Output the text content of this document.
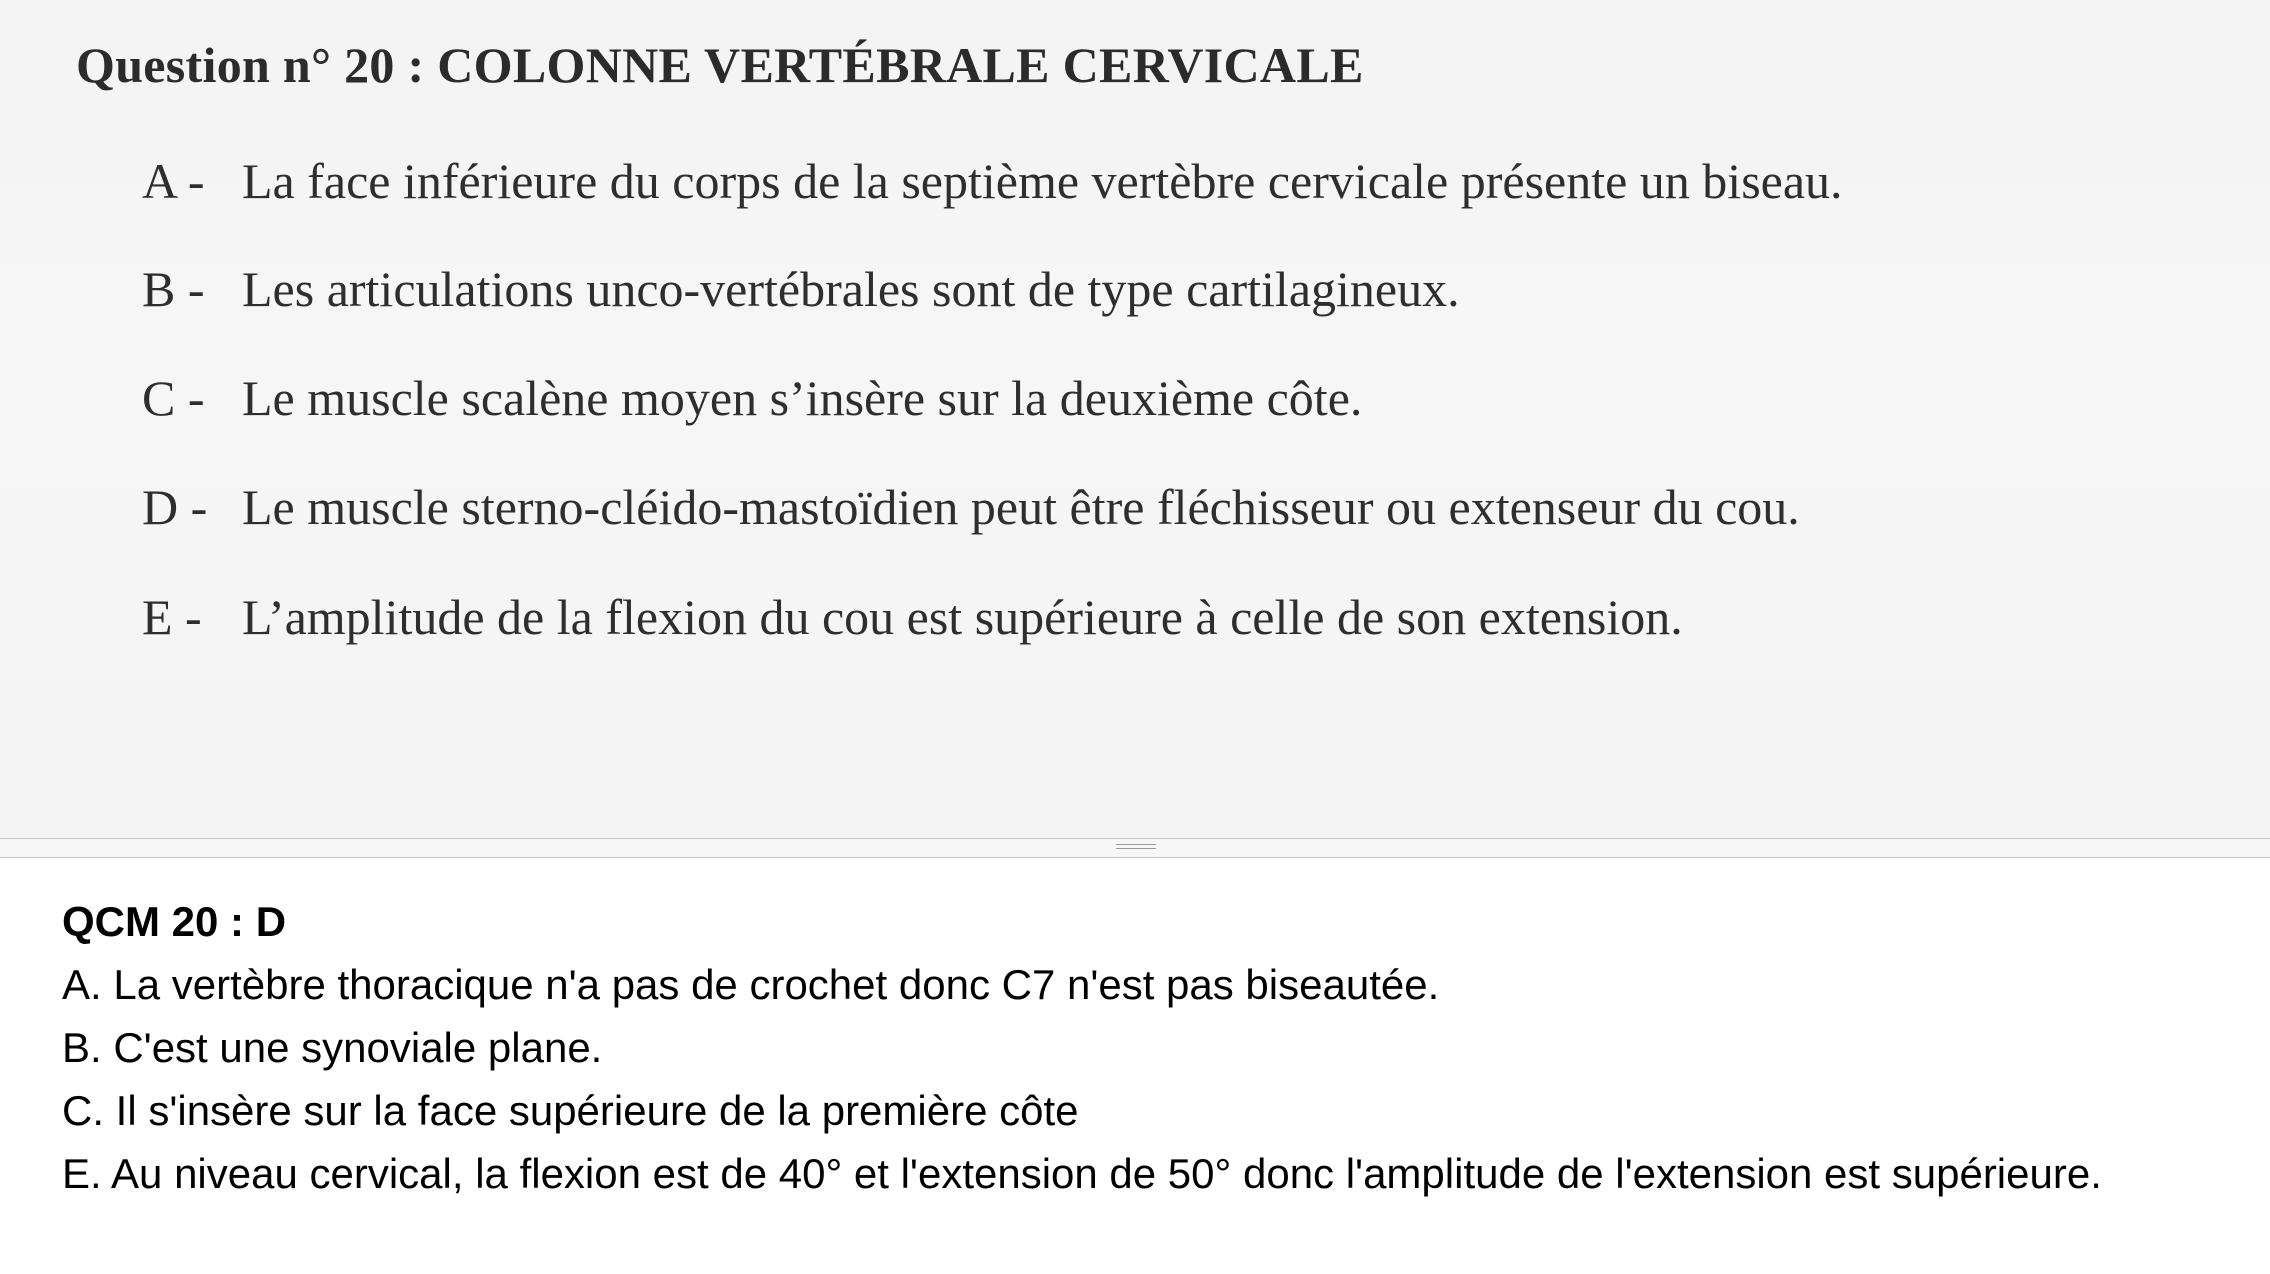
Question n° 20 : COLONNE VERTÉBRALE CERVICALE
A - La face inférieure du corps de la septième vertèbre cervicale présente un biseau.
B - Les articulations unco-vertébrales sont de type cartilagineux.
C - Le muscle scalène moyen s’insère sur la deuxième côte.
D - Le muscle sterno-cléido-mastoïdien peut être fléchisseur ou extenseur du cou.
E - L’amplitude de la flexion du cou est supérieure à celle de son extension.
QCM 20 : D
A. La vertèbre thoracique n'a pas de crochet donc C7 n'est pas biseautée.
B. C'est une synoviale plane.
C. Il s'insère sur la face supérieure de la première côte
E. Au niveau cervical, la flexion est de 40° et l'extension de 50° donc l'amplitude de l'extension est supérieure.
